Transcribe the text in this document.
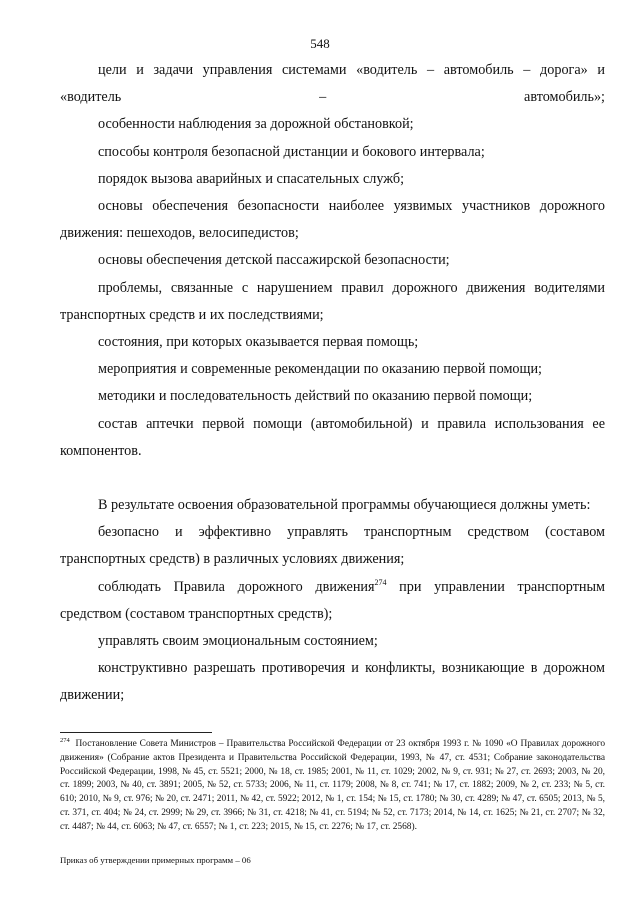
548

цели и задачи управления системами «водитель – автомобиль – дорога» и «водитель – автомобиль»;

особенности наблюдения за дорожной обстановкой;

способы контроля безопасной дистанции и бокового интервала;

порядок вызова аварийных и спасательных служб;

основы обеспечения безопасности наиболее уязвимых участников дорожного движения: пешеходов, велосипедистов;

основы обеспечения детской пассажирской безопасности;

проблемы, связанные с нарушением правил дорожного движения водителями транспортных средств и их последствиями;

состояния, при которых оказывается первая помощь;

мероприятия и современные рекомендации по оказанию первой помощи;

методики и последовательность действий по оказанию первой помощи;

состав аптечки первой помощи (автомобильной) и правила использования ее компонентов.

В результате освоения образовательной программы обучающиеся должны уметь:

безопасно и эффективно управлять транспортным средством (составом транспортных средств) в различных условиях движения;

соблюдать Правила дорожного движения$^{274}$ при управлении транспортным средством (составом транспортных средств);

управлять своим эмоциональным состоянием;

конструктивно разрешать противоречия и конфликты, возникающие в дорожном движении;

$^{274}$ Постановление Совета Министров – Правительства Российской Федерации от 23 октября 1993 г. № 1090 «О Правилах дорожного движения» (Собрание актов Президента и Правительства Российской Федерации, 1993, № 47, ст. 4531; Собрание законодательства Российской Федерации, 1998, № 45, ст. 5521; 2000, № 18, ст. 1985; 2001, № 11, ст. 1029; 2002, № 9, ст. 931; № 27, ст. 2693; 2003, № 20, ст. 1899; 2003, № 40, ст. 3891; 2005, № 52, ст. 5733; 2006, № 11, ст. 1179; 2008, № 8, ст. 741; № 17, ст. 1882; 2009, № 2, ст. 233; № 5, ст. 610; 2010, № 9, ст. 976; № 20, ст. 2471; 2011, № 42, ст. 5922; 2012, № 1, ст. 154; № 15, ст. 1780; № 30, ст. 4289; № 47, ст. 6505; 2013, № 5, ст. 371, ст. 404; № 24, ст. 2999; № 29, ст. 3966; № 31, ст. 4218; № 41, ст. 5194; № 52, ст. 7173; 2014, № 14, ст. 1625; № 21, ст. 2707; № 32, ст. 4487; № 44, ст. 6063; № 47, ст. 6557; № 1, ст. 223; 2015, № 15, ст. 2276; № 17, ст. 2568).
Приказ об утверждении примерных программ – 06
